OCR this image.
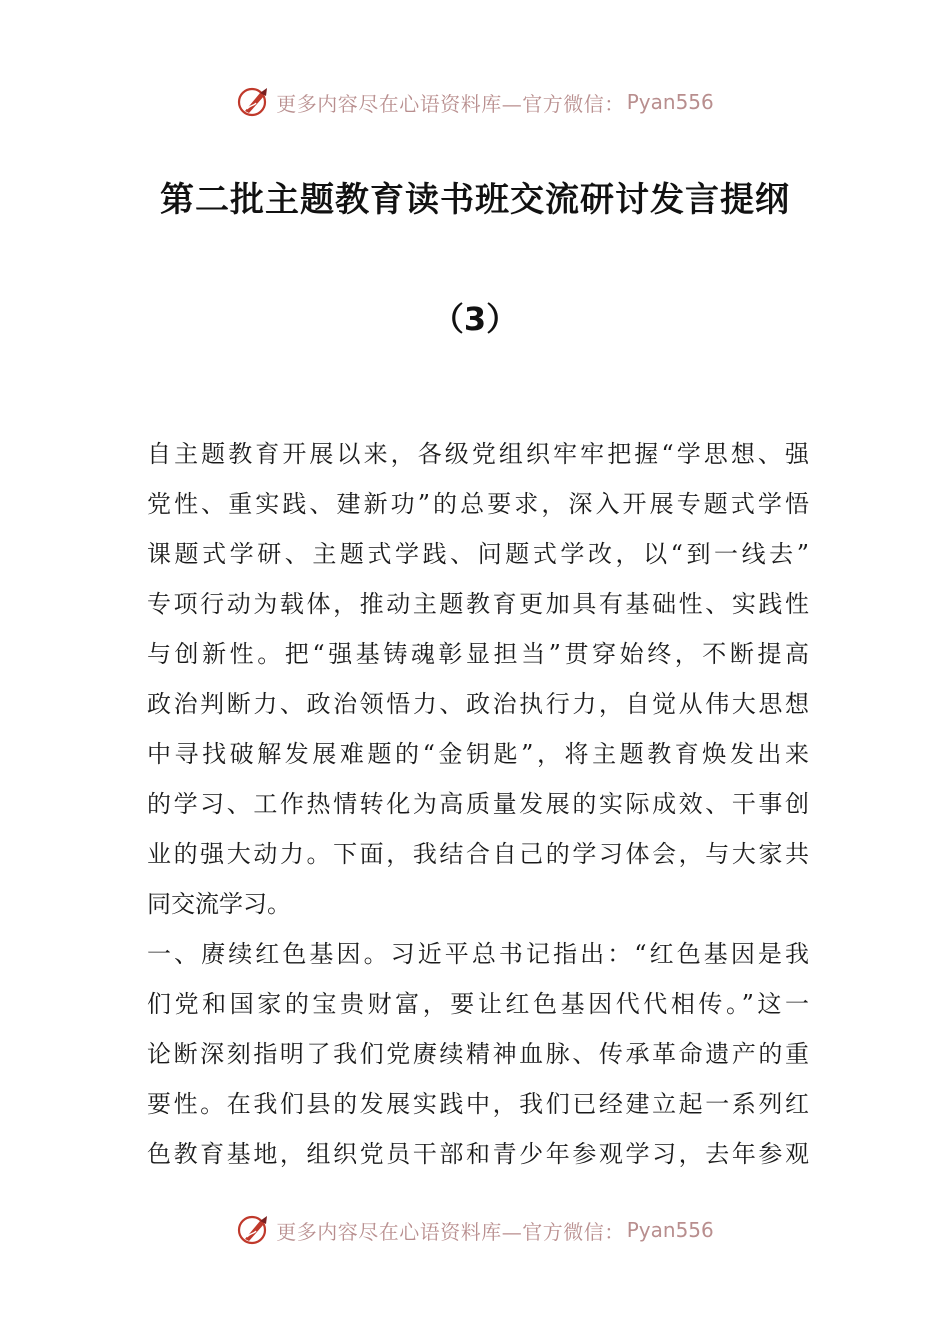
更多内容尽在心语资料库—官方微信： Pyan556
第二批主题教育读书班交流研讨发言提纲
（3）
自主题教育开展以来，各级党组织牢牢把握“学思想、强
党性、重实践、建新功”的总要求，深入开展专题式学悟
课题式学研、主题式学践、问题式学改，以“到一线去”
专项行动为载体，推动主题教育更加具有基础性、实践性
与创新性。把“强基铸魂彰显担当”贯穿始终，不断提高
政治判断力、政治领悟力、政治执行力，自觉从伟大思想
中寻找破解发展难题的“金钥匙”，将主题教育焕发出来
的学习、工作热情转化为高质量发展的实际成效、干事创
业的强大动力。下面，我结合自己的学习体会，与大家共
同交流学习。
一、赓续红色基因。习近平总书记指出：“红色基因是我
们党和国家的宝贵财富，要让红色基因代代相传。”这一
论断深刻指明了我们党赓续精神血脉、传承革命遗产的重
要性。在我们县的发展实践中，我们已经建立起一系列红
色教育基地，组织党员干部和青少年参观学习，去年参观
更多内容尽在心语资料库—官方微信： Pyan556
